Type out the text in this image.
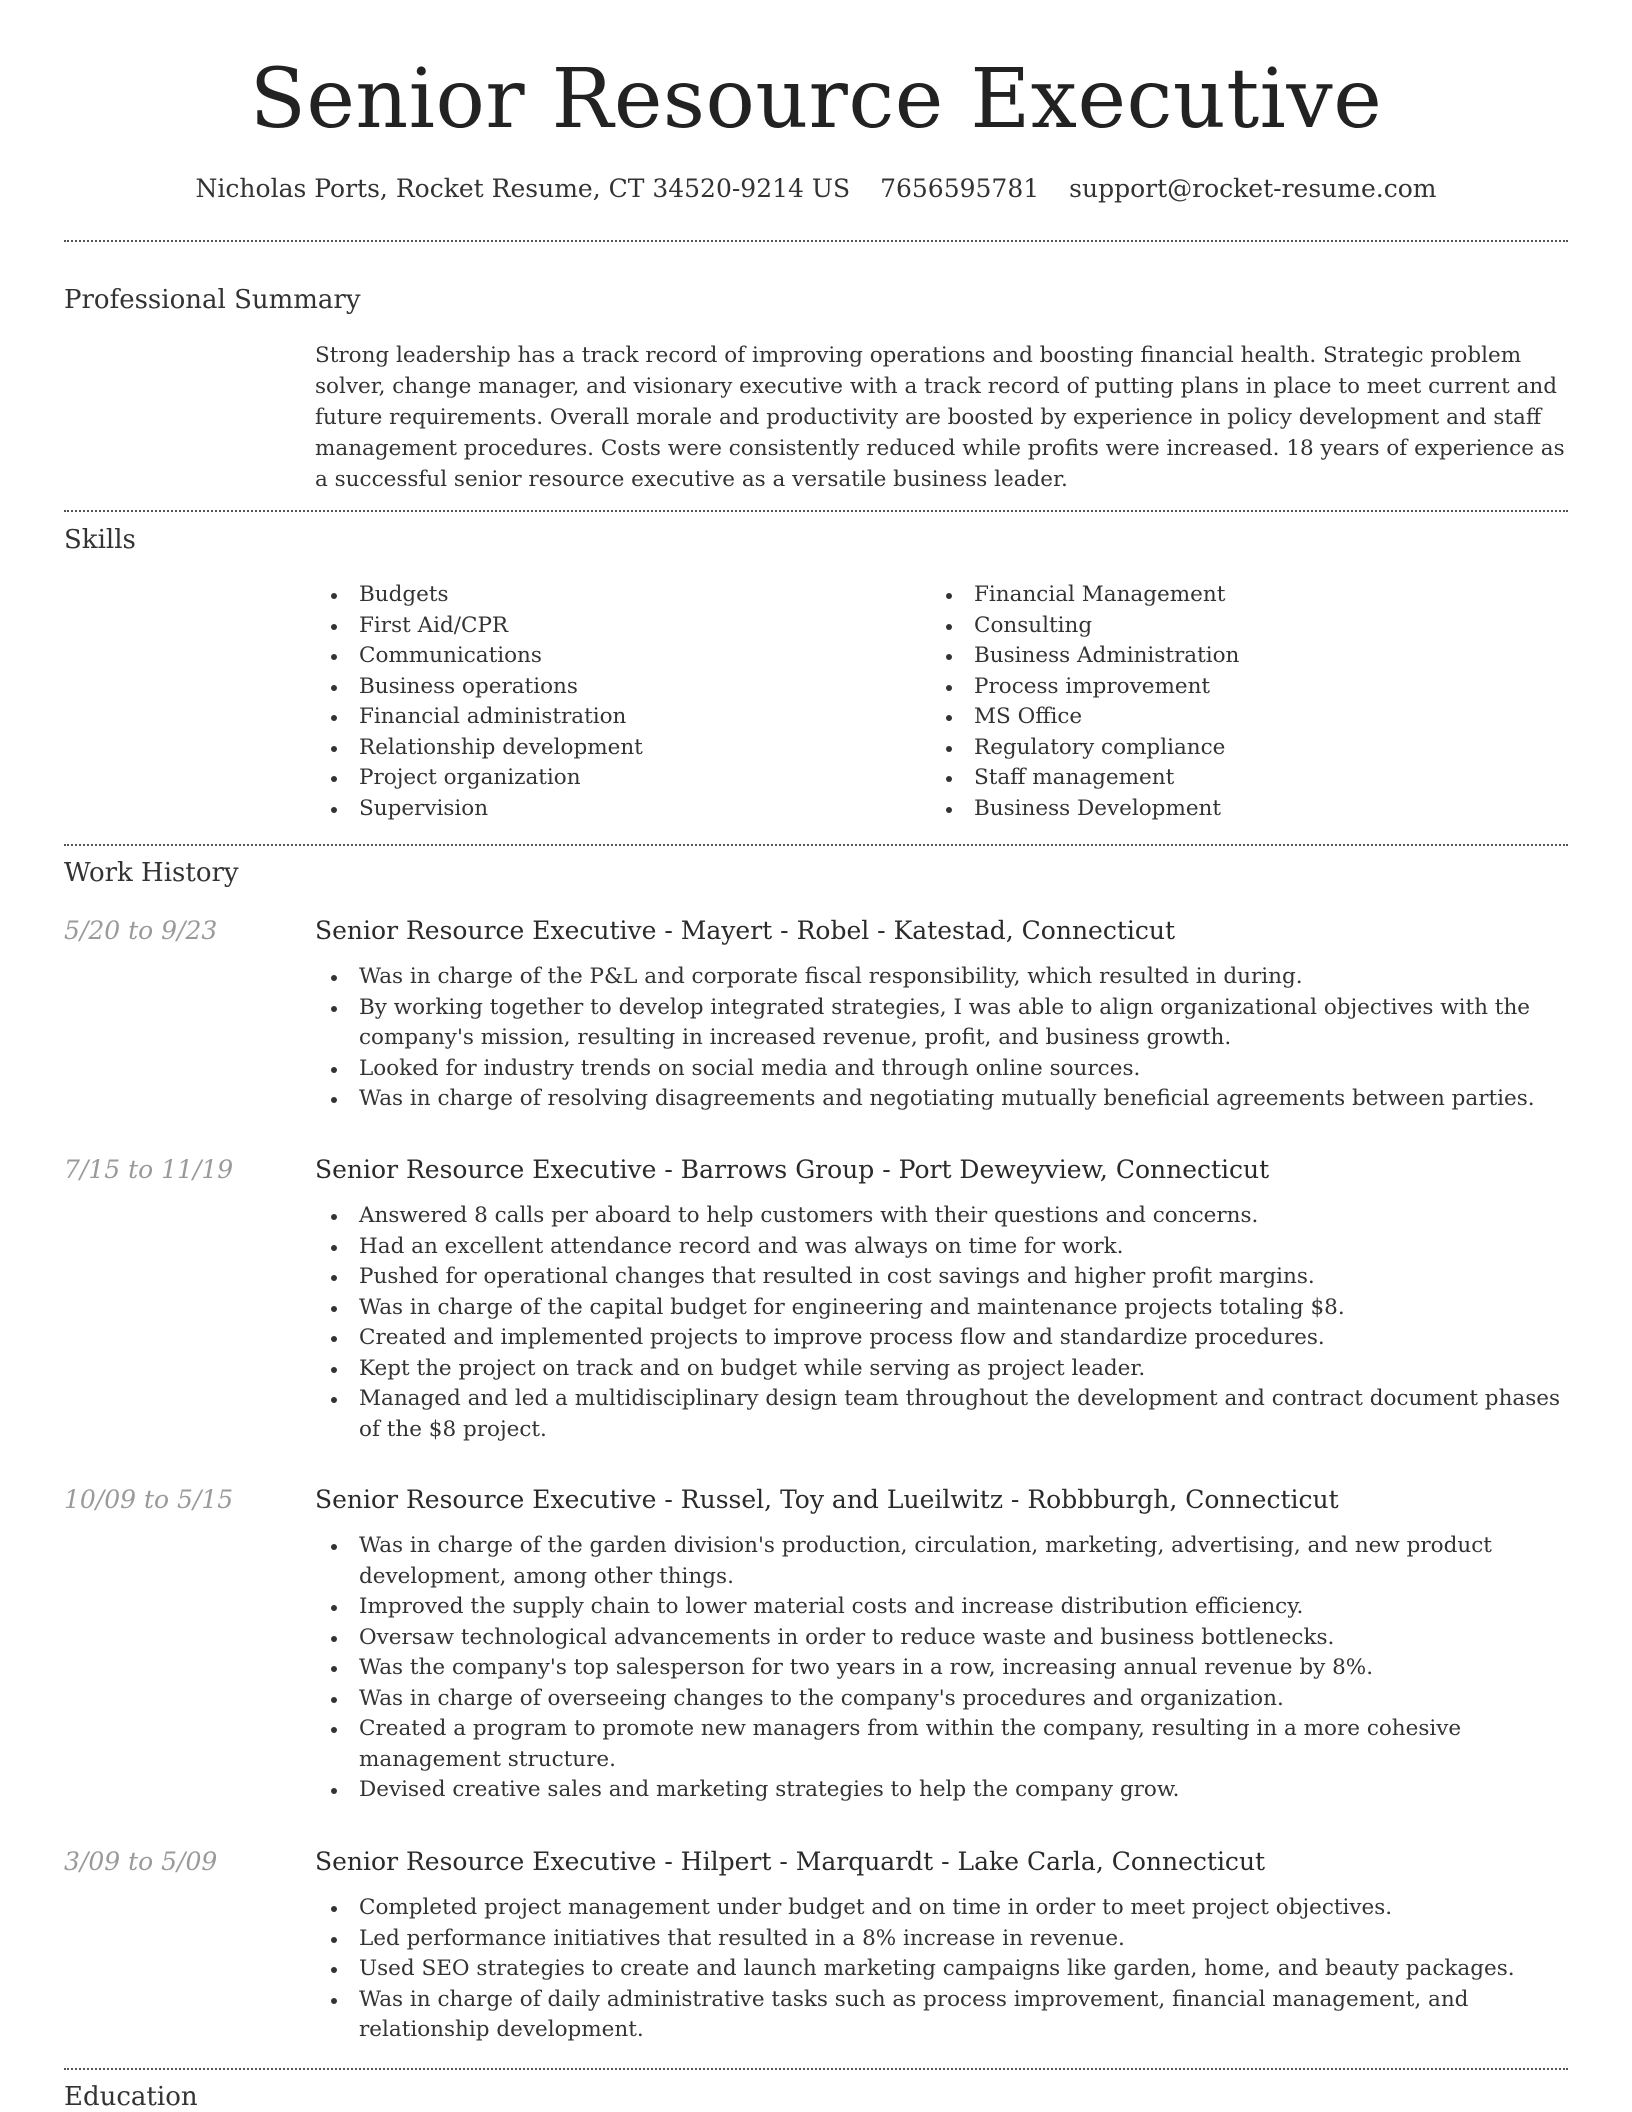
Senior Resource Executive
Nicholas Ports, Rocket Resume, CT 34520-9214 US 7656595781 support@rocket-resume.com
Professional Summary

Strong leadership has a track record of improving operations and boosting financial health. Strategic problem solver, change manager, and visionary executive with a track record of putting plans in place to meet current and future requirements. Overall morale and productivity are boosted by experience in policy development and staff management procedures. Costs were consistently reduced while profits were increased. 18 years of experience as a successful senior resource executive as a versatile business leader.

Skills
Budgets
First Aid/CPR
Communications
Business operations
Financial administration
Relationship development
Project organization
Supervision
Financial Management
Consulting
Business Administration
Process improvement
MS Office
Regulatory compliance
Staff management
Business Development
Work History
5/20 to 9/23	Senior Resource Executive - Mayert - Robel - Katestad, Connecticut
Was in charge of the P&L and corporate fiscal responsibility, which resulted in during.
By working together to develop integrated strategies, I was able to align organizational objectives with the company's mission, resulting in increased revenue, profit, and business growth.
Looked for industry trends on social media and through online sources.
Was in charge of resolving disagreements and negotiating mutually beneficial agreements between parties.
7/15 to 11/19	Senior Resource Executive - Barrows Group - Port Deweyview, Connecticut
Answered 8 calls per aboard to help customers with their questions and concerns.
Had an excellent attendance record and was always on time for work.
Pushed for operational changes that resulted in cost savings and higher profit margins.
Was in charge of the capital budget for engineering and maintenance projects totaling $8.
Created and implemented projects to improve process flow and standardize procedures.
Kept the project on track and on budget while serving as project leader.
Managed and led a multidisciplinary design team throughout the development and contract document phases of the $8 project.
10/09 to 5/15	Senior Resource Executive - Russel, Toy and Lueilwitz - Robbburgh, Connecticut
Was in charge of the garden division's production, circulation, marketing, advertising, and new product development, among other things.
Improved the supply chain to lower material costs and increase distribution efficiency.
Oversaw technological advancements in order to reduce waste and business bottlenecks.
Was the company's top salesperson for two years in a row, increasing annual revenue by 8%.
Was in charge of overseeing changes to the company's procedures and organization.
Created a program to promote new managers from within the company, resulting in a more cohesive management structure.
Devised creative sales and marketing strategies to help the company grow.
3/09 to 5/09	Senior Resource Executive - Hilpert - Marquardt - Lake Carla, Connecticut
Completed project management under budget and on time in order to meet project objectives.
Led performance initiatives that resulted in a 8% increase in revenue.
Used SEO strategies to create and launch marketing campaigns like garden, home, and beauty packages.
Was in charge of daily administrative tasks such as process improvement, financial management, and relationship development.
Education
